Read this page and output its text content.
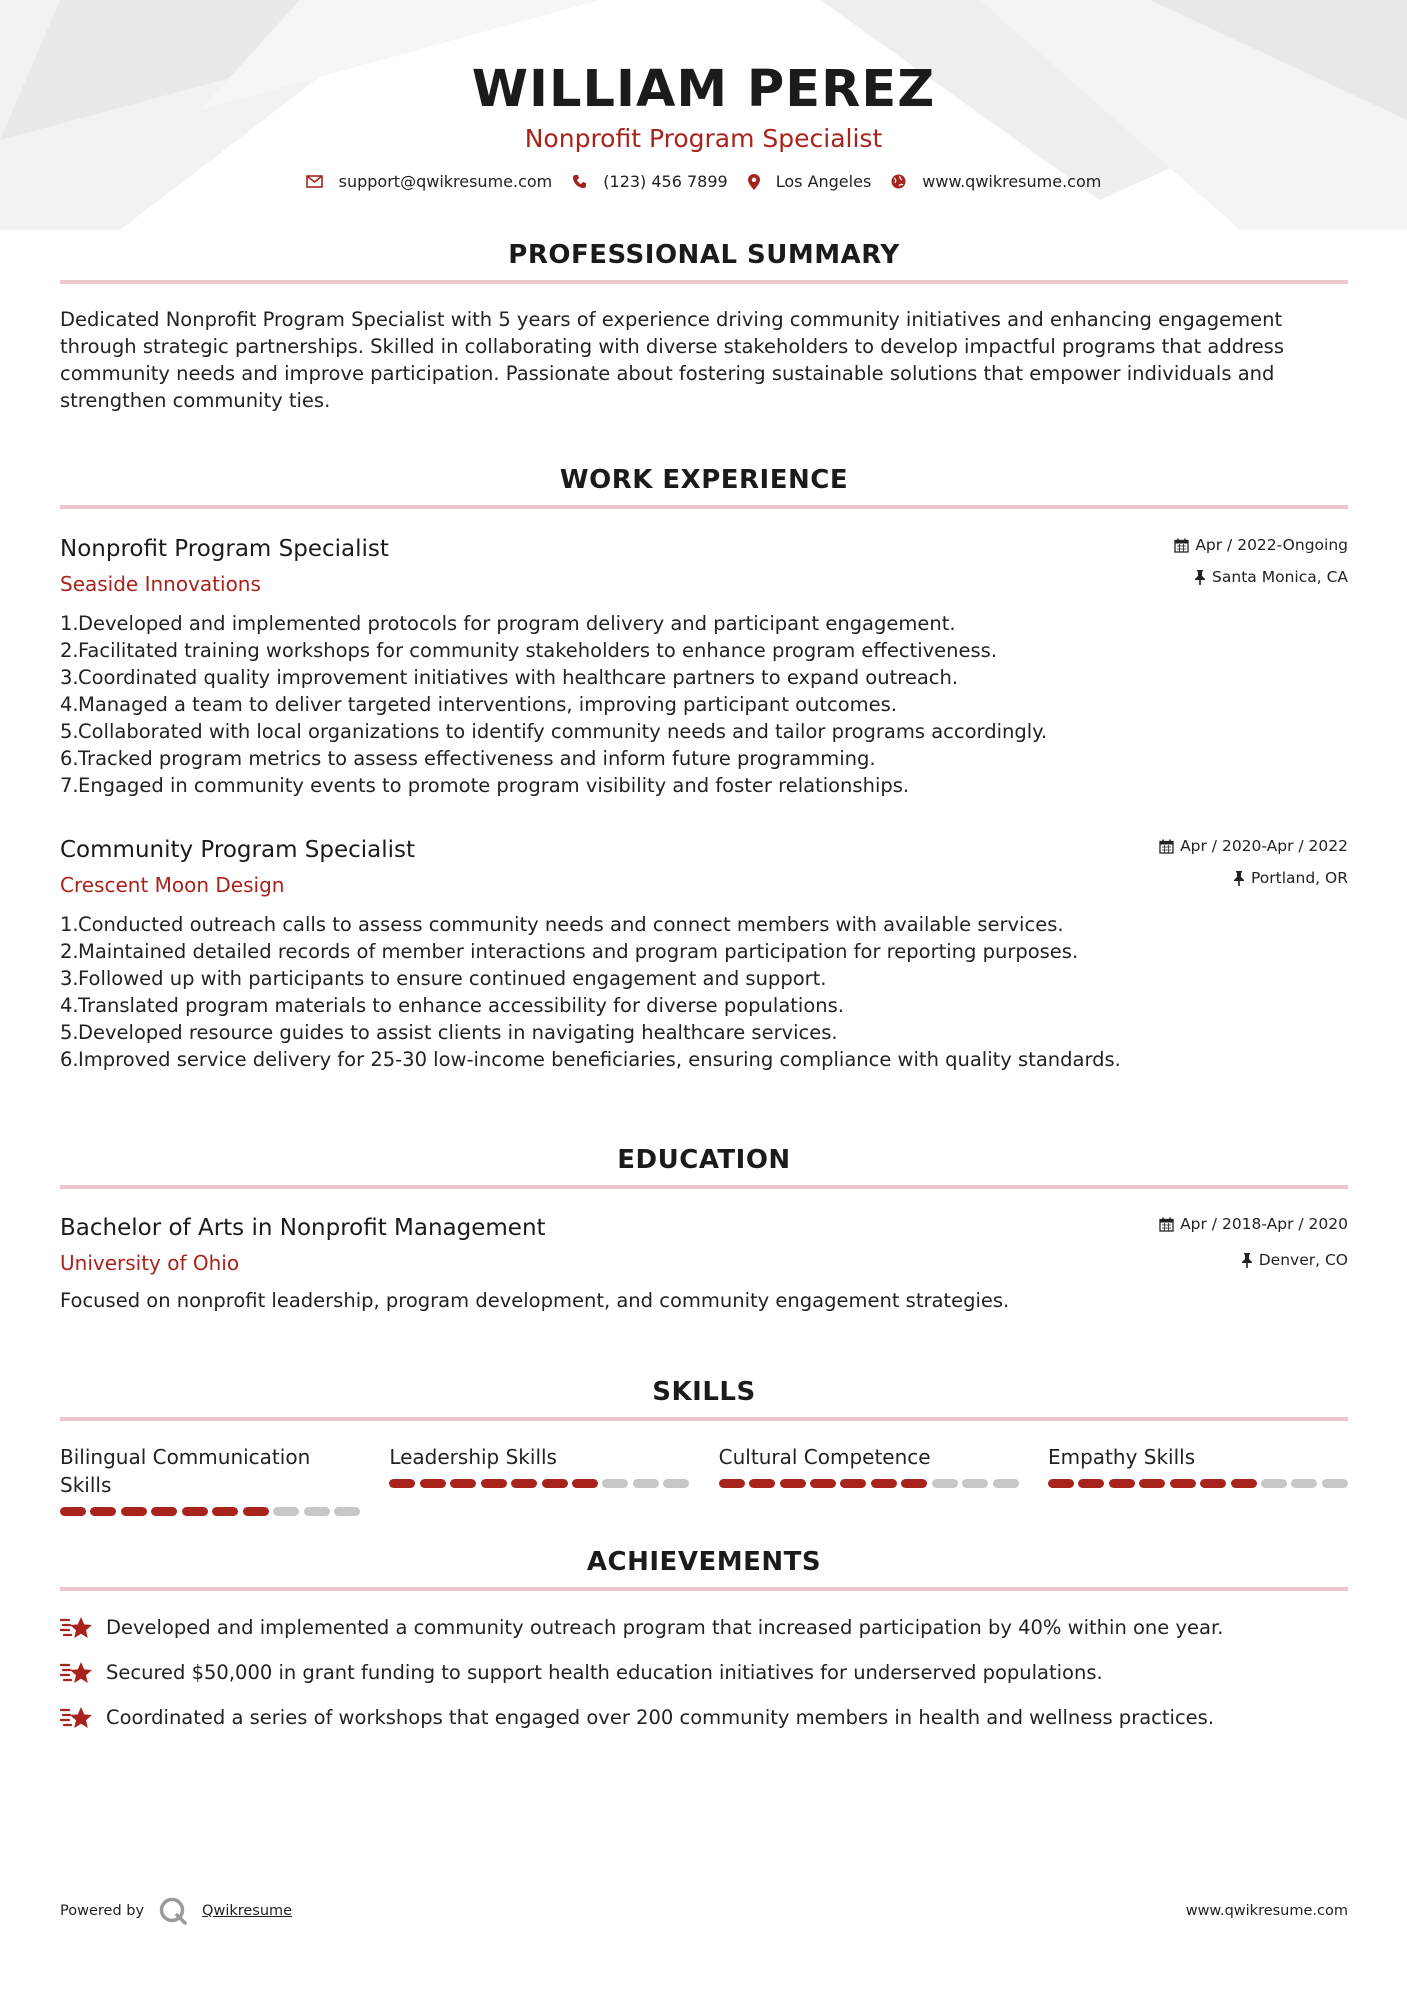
WILLIAM PEREZ
Nonprofit Program Specialist
support@qwikresume.com	(123) 456 7899	Los Angeles	www.qwikresume.com
PROFESSIONAL SUMMARY
Dedicated Nonprofit Program Specialist with 5 years of experience driving community initiatives and enhancing engagement through strategic partnerships. Skilled in collaborating with diverse stakeholders to develop impactful programs that address community needs and improve participation. Passionate about fostering sustainable solutions that empower individuals and strengthen community ties.
WORK EXPERIENCE
Nonprofit Program Specialist
Seaside Innovations
Apr / 2022-Ongoing
Santa Monica, CA
1. Developed and implemented protocols for program delivery and participant engagement.
2. Facilitated training workshops for community stakeholders to enhance program effectiveness.
3. Coordinated quality improvement initiatives with healthcare partners to expand outreach.
4. Managed a team to deliver targeted interventions, improving participant outcomes.
5. Collaborated with local organizations to identify community needs and tailor programs accordingly.
6. Tracked program metrics to assess effectiveness and inform future programming.
7. Engaged in community events to promote program visibility and foster relationships.
Community Program Specialist
Crescent Moon Design
Apr / 2020-Apr / 2022
Portland, OR
1. Conducted outreach calls to assess community needs and connect members with available services.
2. Maintained detailed records of member interactions and program participation for reporting purposes.
3. Followed up with participants to ensure continued engagement and support.
4. Translated program materials to enhance accessibility for diverse populations.
5. Developed resource guides to assist clients in navigating healthcare services.
6. Improved service delivery for 25-30 low-income beneficiaries, ensuring compliance with quality standards.
EDUCATION
Bachelor of Arts in Nonprofit Management
University of Ohio
Apr / 2018-Apr / 2020
Denver, CO
Focused on nonprofit leadership, program development, and community engagement strategies.
SKILLS
Bilingual Communication Skills
Leadership Skills	Cultural Competence	Empathy Skills
ACHIEVEMENTS
Developed and implemented a community outreach program that increased participation by 40% within one year.
Secured $50,000 in grant funding to support health education initiatives for underserved populations.
Coordinated a series of workshops that engaged over 200 community members in health and wellness practices.
Powered by	Qwikresume	www.qwikresume.com
